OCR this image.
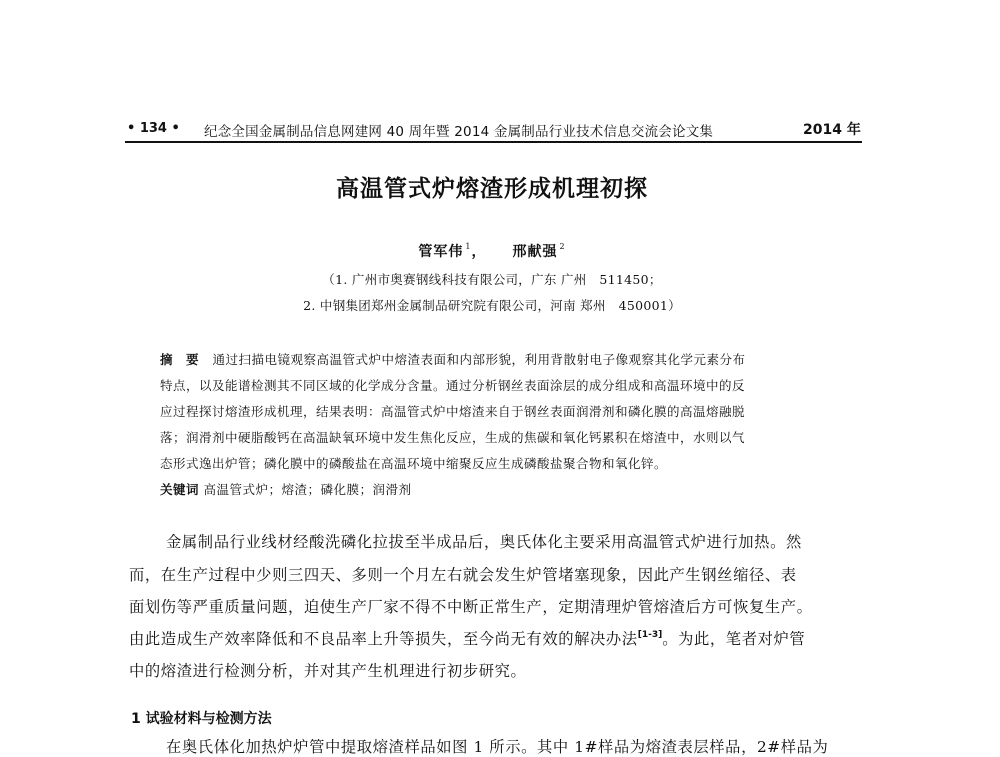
• 134 • 纪念全国金属制品信息网建网 40 周年暨 2014 金属制品行业技术信息交流会论文集	2014 年
高温管式炉熔渣形成机理初探
管军伟 $^1$， 邢献强 $^2$
（1. 广州市奥赛钢线科技有限公司，广东 广州　511450；
2. 中钢集团郑州金属制品研究院有限公司，河南 郑州　450001）
摘　要 通过扫描电镜观察高温管式炉中熔渣表面和内部形貌，利用背散射电子像观察其化学元素分布
特点，以及能谱检测其不同区域的化学成分含量。通过分析钢丝表面涂层的成分组成和高温环境中的反
应过程探讨熔渣形成机理，结果表明：高温管式炉中熔渣来自于钢丝表面润滑剂和磷化膜的高温熔融脱
落；润滑剂中硬脂酸钙在高温缺氧环境中发生焦化反应，生成的焦碳和氧化钙累积在熔渣中，水则以气
态形式逸出炉管；磷化膜中的磷酸盐在高温环境中缩聚反应生成磷酸盐聚合物和氧化锌。
关键词 高温管式炉；熔渣；磷化膜；润滑剂
金属制品行业线材经酸洗磷化拉拔至半成品后，奥氏体化主要采用高温管式炉进行加热。然
而，在生产过程中少则三四天、多则一个月左右就会发生炉管堵塞现象，因此产生钢丝缩径、表
面划伤等严重质量问题，迫使生产厂家不得不中断正常生产，定期清理炉管熔渣后方可恢复生产。
由此造成生产效率降低和不良品率上升等损失，至今尚无有效的解决办法[1-3]。为此，笔者对炉管
中的熔渣进行检测分析，并对其产生机理进行初步研究。
1 试验材料与检测方法
在奥氏体化加热炉炉管中提取熔渣样品如图 1 所示。其中 1#样品为熔渣表层样品，2#样品为
